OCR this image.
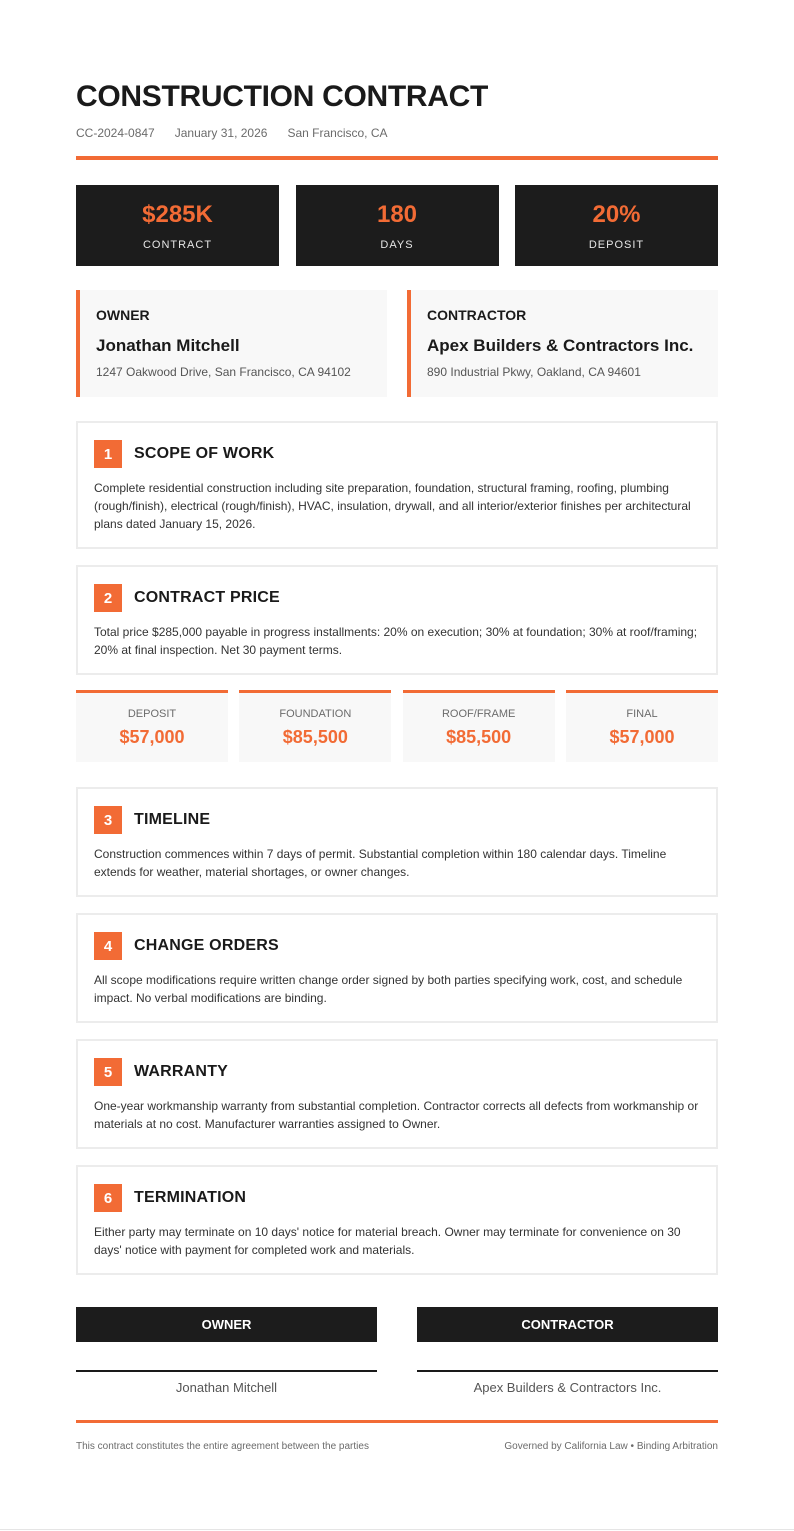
CONSTRUCTION CONTRACT
CC-2024-0847 January 31, 2026 San Francisco, CA
$285K
CONTRACT
180
DAYS
20%
DEPOSIT
OWNER
Jonathan Mitchell
1247 Oakwood Drive, San Francisco, CA 94102
CONTRACTOR
Apex Builders & Contractors Inc.
890 Industrial Pkwy, Oakland, CA 94601
1	SCOPE OF WORK

Complete residential construction including site preparation, foundation, structural framing, roofing, plumbing (rough/finish), electrical (rough/finish), HVAC, insulation, drywall, and all interior/exterior finishes per architectural plans dated January 15, 2026.

2	CONTRACT PRICE

Total price $285,000 payable in progress installments: 20% on execution; 30% at foundation; 30% at roof/framing; 20% at final inspection. Net 30 payment terms.

DEPOSIT
$57,000
FOUNDATION
$85,500
ROOF/FRAME
$85,500
FINAL
$57,000
3	TIMELINE

Construction commences within 7 days of permit. Substantial completion within 180 calendar days. Timeline extends for weather, material shortages, or owner changes.

4	CHANGE ORDERS

All scope modifications require written change order signed by both parties specifying work, cost, and schedule impact. No verbal modifications are binding.

5	WARRANTY

One-year workmanship warranty from substantial completion. Contractor corrects all defects from workmanship or materials at no cost. Manufacturer warranties assigned to Owner.

6	TERMINATION

Either party may terminate on 10 days' notice for material breach. Owner may terminate for convenience on 30 days' notice with payment for completed work and materials.

OWNER
Jonathan Mitchell
CONTRACTOR
Apex Builders & Contractors Inc.
This contract constitutes the entire agreement between the parties	Governed by California Law • Binding Arbitration
